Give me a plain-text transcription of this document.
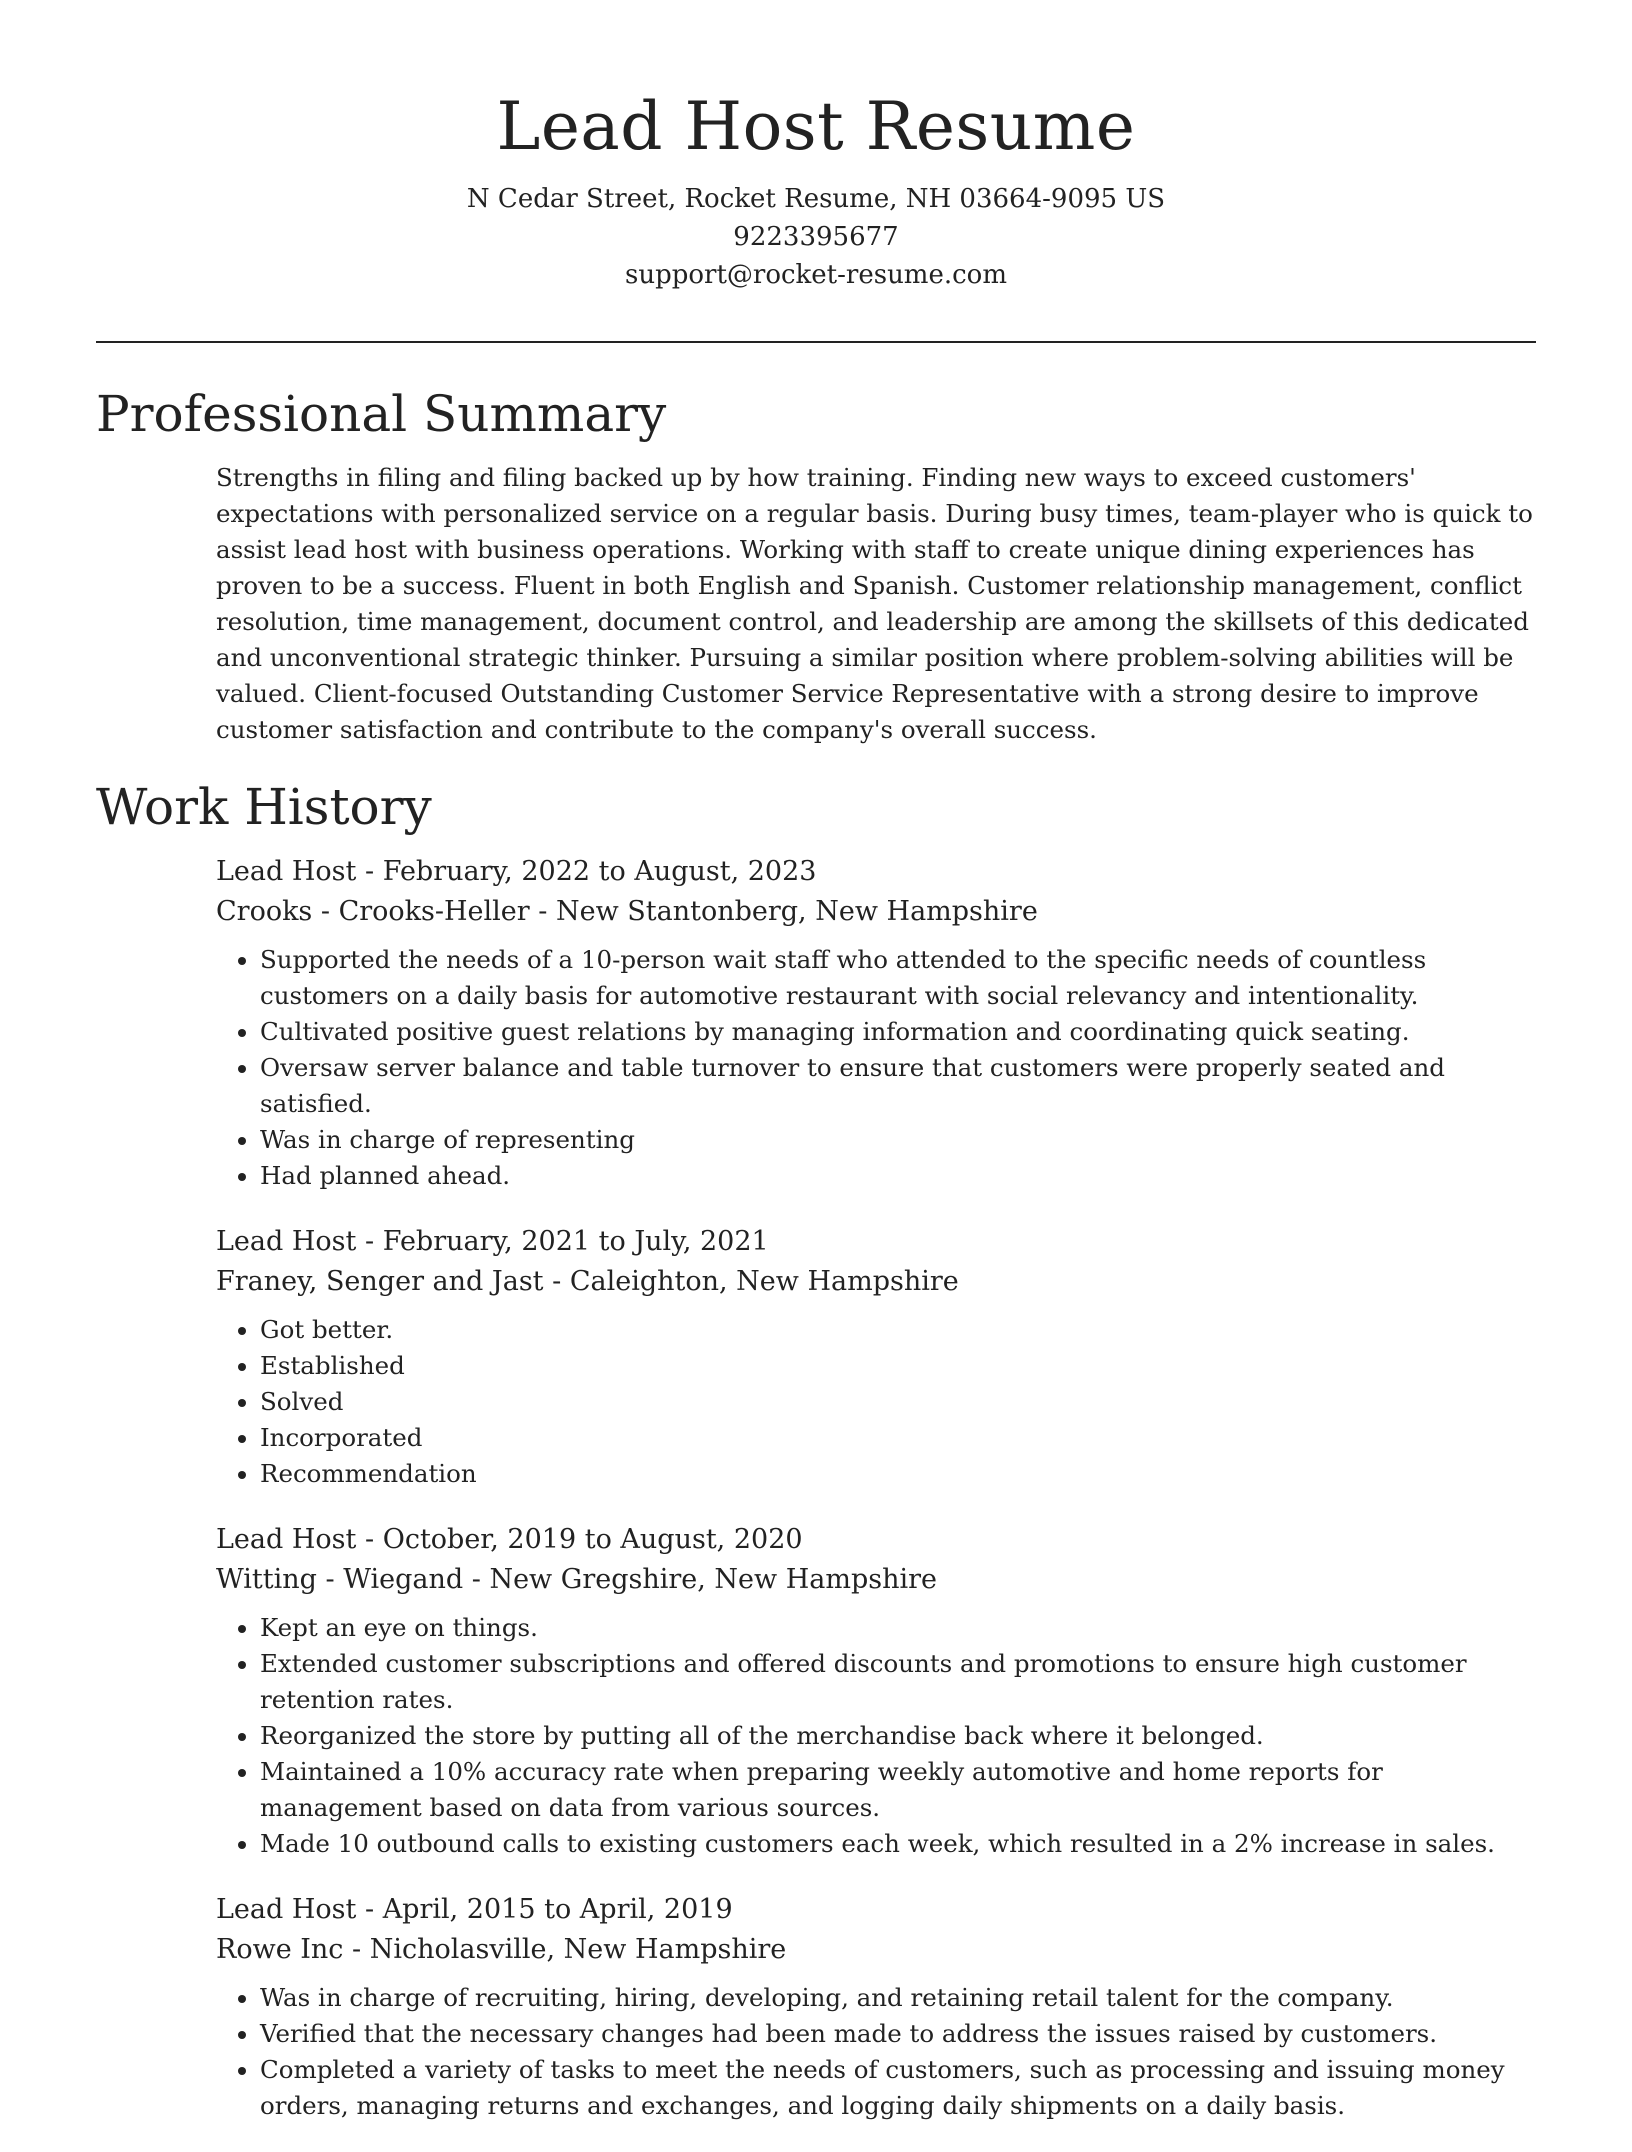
Lead Host Resume
N Cedar Street, Rocket Resume, NH 03664-9095 US
9223395677
support@rocket-resume.com
Professional Summary

Strengths in filing and filing backed up by how training. Finding new ways to exceed customers' expectations with personalized service on a regular basis. During busy times, team-player who is quick to assist lead host with business operations. Working with staff to create unique dining experiences has proven to be a success. Fluent in both English and Spanish. Customer relationship management, conflict resolution, time management, document control, and leadership are among the skillsets of this dedicated and unconventional strategic thinker. Pursuing a similar position where problem-solving abilities will be valued. Client-focused Outstanding Customer Service Representative with a strong desire to improve customer satisfaction and contribute to the company's overall success.

Work History
Lead Host - February, 2022 to August, 2023
Crooks - Crooks-Heller - New Stantonberg, New Hampshire
• Supported the needs of a 10-person wait staff who attended to the specific needs of countless customers on a daily basis for automotive restaurant with social relevancy and intentionality.
• Cultivated positive guest relations by managing information and coordinating quick seating.
• Oversaw server balance and table turnover to ensure that customers were properly seated and satisfied.
• Was in charge of representing
• Had planned ahead.
Lead Host - February, 2021 to July, 2021
Franey, Senger and Jast - Caleighton, New Hampshire
• Got better.
• Established
• Solved
• Incorporated
• Recommendation
Lead Host - October, 2019 to August, 2020
Witting - Wiegand - New Gregshire, New Hampshire
• Kept an eye on things.
• Extended customer subscriptions and offered discounts and promotions to ensure high customer retention rates.
• Reorganized the store by putting all of the merchandise back where it belonged.
• Maintained a 10% accuracy rate when preparing weekly automotive and home reports for management based on data from various sources.
• Made 10 outbound calls to existing customers each week, which resulted in a 2% increase in sales.
Lead Host - April, 2015 to April, 2019
Rowe Inc - Nicholasville, New Hampshire
• Was in charge of recruiting, hiring, developing, and retaining retail talent for the company.
• Verified that the necessary changes had been made to address the issues raised by customers.
• Completed a variety of tasks to meet the needs of customers, such as processing and issuing money orders, managing returns and exchanges, and logging daily shipments on a daily basis.
